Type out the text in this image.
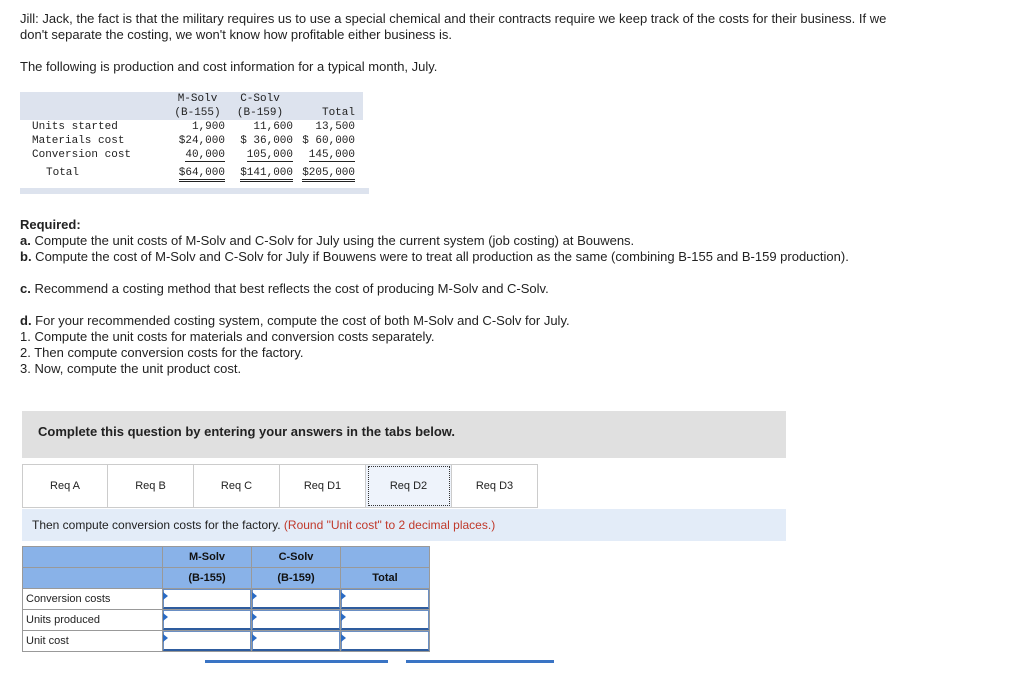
Jill: Jack, the fact is that the military requires us to use a special chemical and their contracts require we keep track of the costs for their business. If we don't separate the costing, we won't know how profitable either business is.

The following is production and cost information for a typical month, July.

	M-Solv	C-Solv	
	(B-155)	(B-159)	Total
Units started	1,900	11,600	13,500
Materials cost	$24,000	$ 36,000	$ 60,000
Conversion cost	40,000	105,000	145,000

Total	$64,000	$141,000	$205,000

Required:

a. Compute the unit costs of M-Solv and C-Solv for July using the current system (job costing) at Bouwens.

b. Compute the cost of M-Solv and C-Solv for July if Bouwens were to treat all production as the same (combining B-155 and B-159 production).

c. Recommend a costing method that best reflects the cost of producing M-Solv and C-Solv.

d. For your recommended costing system, compute the cost of both M-Solv and C-Solv for July.

1. Compute the unit costs for materials and conversion costs separately.

2. Then compute conversion costs for the factory.

3. Now, compute the unit product cost.

Complete this question by entering your answers in the tabs below.
Req A	Req B	Req C	Req D1	Req D2	Req D3
Then compute conversion costs for the factory. (Round "Unit cost" to 2 decimal places.)
	M-Solv	C-Solv	
	(B-155)	(B-159)	Total
Conversion costs	

Units produced	

Unit cost	
